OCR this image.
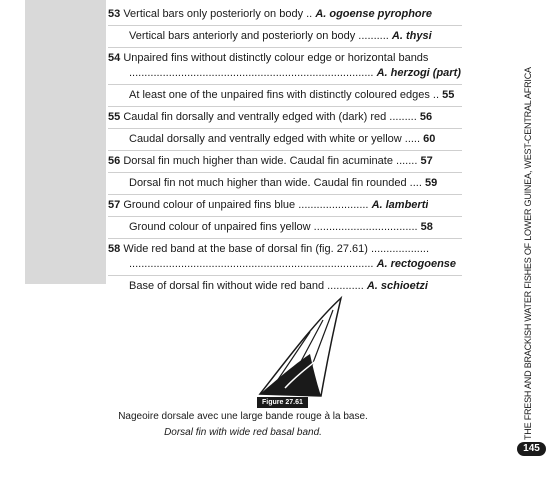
53 Vertical bars only posteriorly on body .. A. ogoense pyrophore
Vertical bars anteriorly and posteriorly on body .......... A. thysi
54 Unpaired fins without distinctly colour edge or horizontal bands
................................................................................ A. herzogi (part)
At least one of the unpaired fins with distinctly coloured edges .. 55
55 Caudal fin dorsally and ventrally edged with (dark) red ......... 56
Caudal dorsally and ventrally edged with white or yellow ..... 60
56 Dorsal fin much higher than wide. Caudal fin acuminate ....... 57
Dorsal fin not much higher than wide. Caudal fin rounded .... 59
57 Ground colour of unpaired fins blue ....................... A. lamberti
Ground colour of unpaired fins yellow .................................. 58
58 Wide red band at the base of dorsal fin (fig. 27.61) ...................
................................................................................ A. rectogoense
Base of dorsal fin without wide red band ............ A. schioetzi
Figure 27.61
Nageoire dorsale avec une large bande rouge à la base.
Dorsal fin with wide red basal band.	THE FRESH AND BRACKISH WATER FISHES OF LOWER GUINEA, WEST-CENTRAL AFRICA
145
